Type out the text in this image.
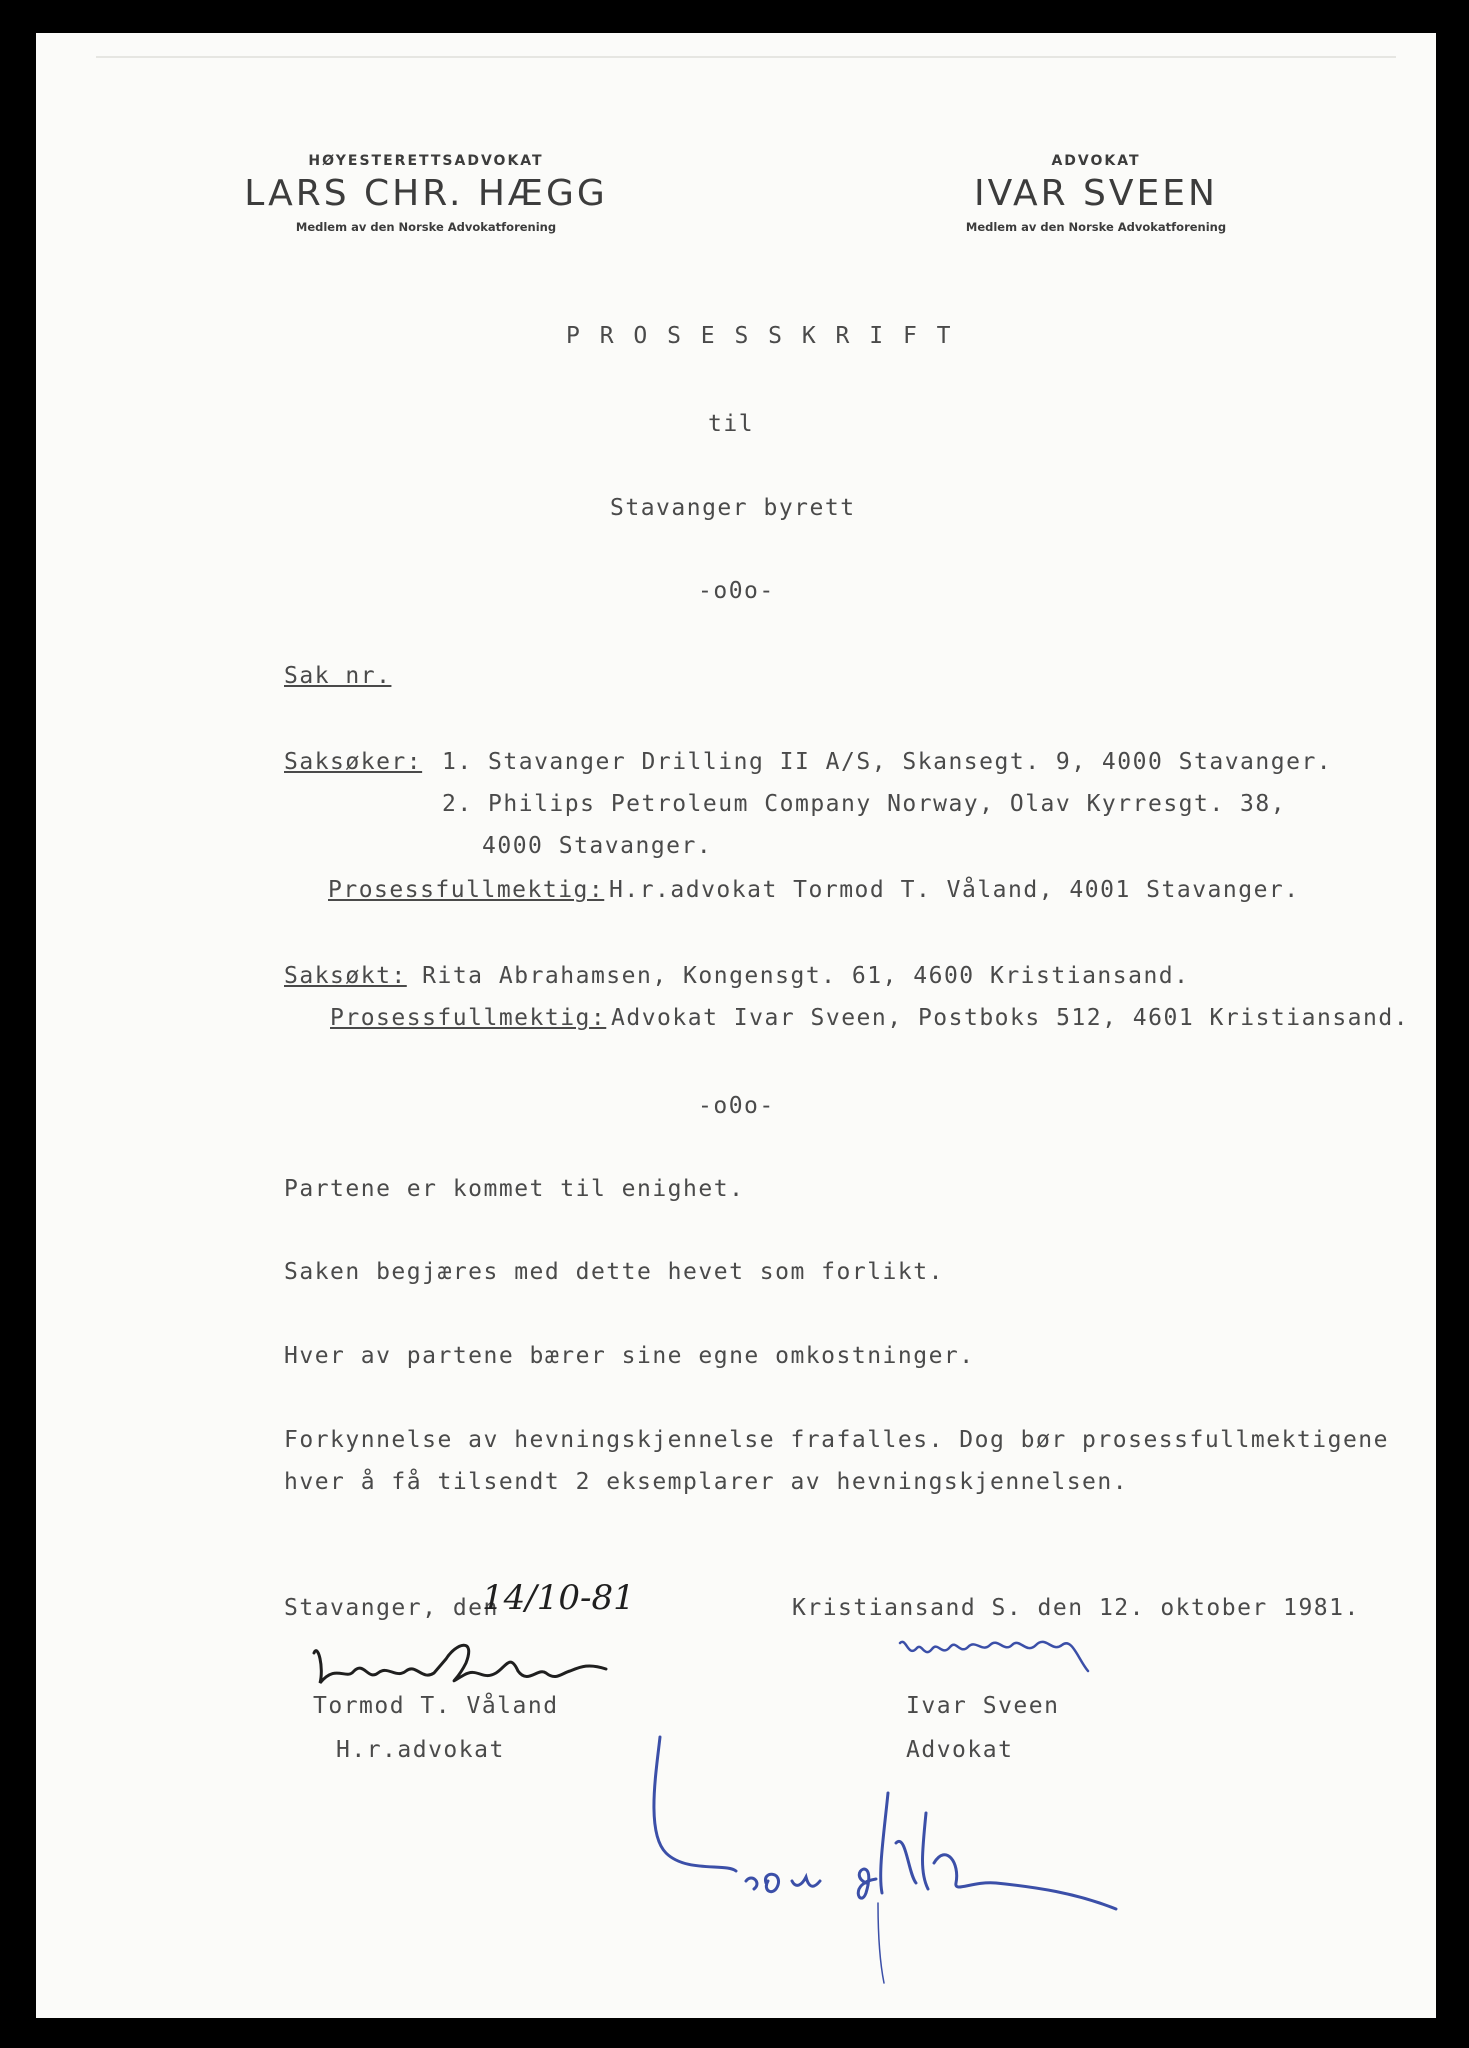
HØYESTERETTSADVOKAT
LARS CHR. HÆGG
Medlem av den Norske Advokatforening
ADVOKAT
IVAR SVEEN
Medlem av den Norske Advokatforening
P R O S E S S K R I F T
til
Stavanger byrett
-o0o-
Sak nr.
Saksøker: 1. Stavanger Drilling II A/S, Skansegt. 9, 4000 Stavanger.
2. Philips Petroleum Company Norway, Olav Kyrresgt. 38,
4000 Stavanger.
Prosessfullmektig: H.r.advokat Tormod T. Våland, 4001 Stavanger.
Saksøkt: Rita Abrahamsen, Kongensgt. 61, 4600 Kristiansand.
Prosessfullmektig: Advokat Ivar Sveen, Postboks 512, 4601 Kristiansand.
-o0o-
Partene er kommet til enighet.
Saken begjæres med dette hevet som forlikt.
Hver av partene bærer sine egne omkostninger.
Forkynnelse av hevningskjennelse frafalles. Dog bør prosessfullmektigene
hver å få tilsendt 2 eksemplarer av hevningskjennelsen.
Stavanger, den
14/10-81	Kristiansand S. den 12. oktober 1981.
Tormod T. Våland
H.r.advokat
Ivar Sveen
Advokat
